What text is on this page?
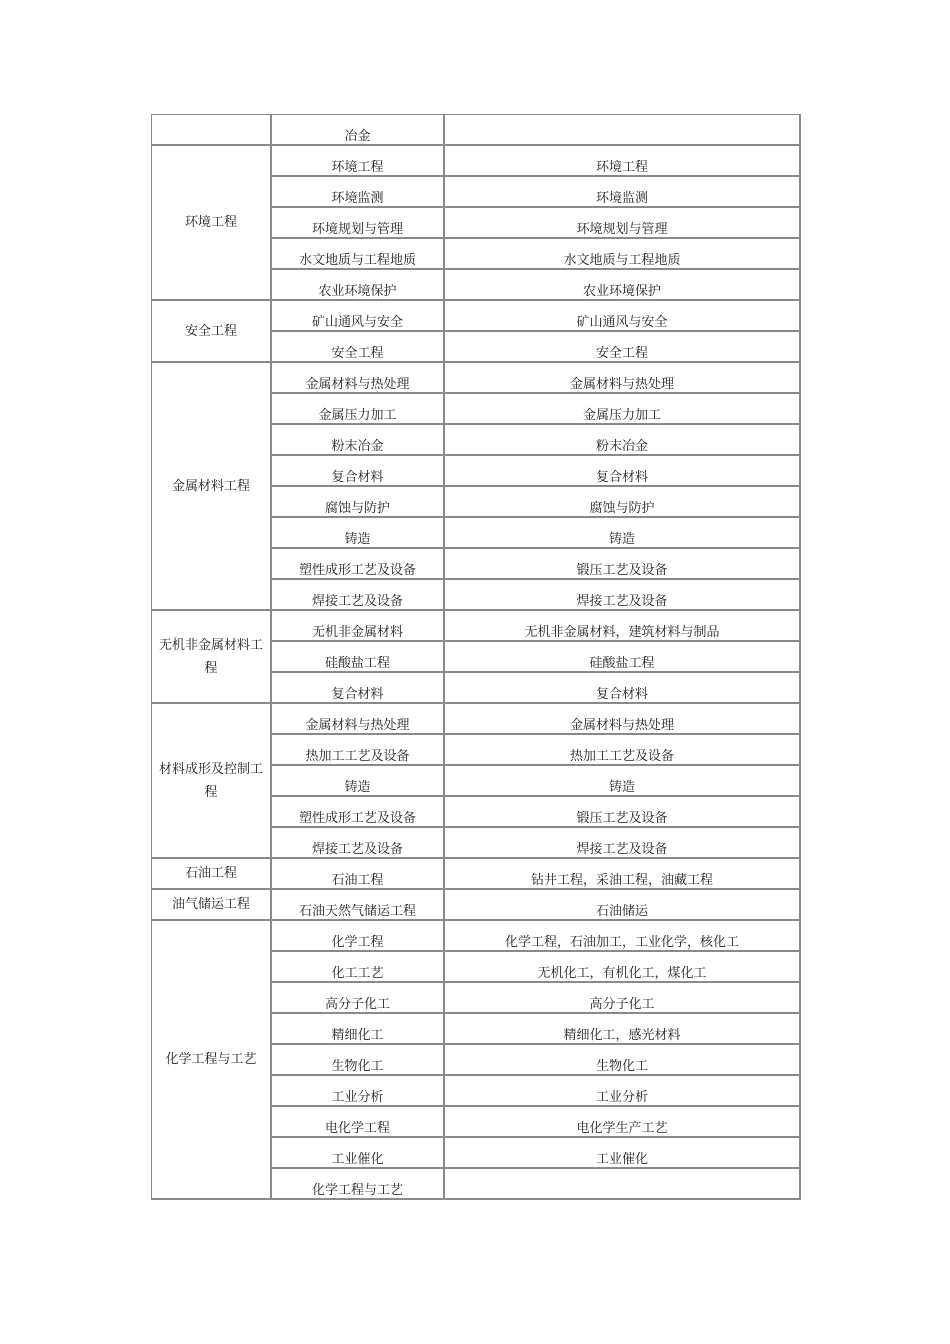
	冶金	

环境工程	环境工程	环境工程

	环境监测	环境监测

	环境规划与管理	环境规划与管理

	水文地质与工程地质	水文地质与工程地质

	农业环境保护	农业环境保护

安全工程	矿山通风与安全	矿山通风与安全

	安全工程	安全工程

金属材料工程	金属材料与热处理	金属材料与热处理

	金属压力加工	金属压力加工

	粉末冶金	粉末冶金

	复合材料	复合材料

	腐蚀与防护	腐蚀与防护

	铸造	铸造

	塑性成形工艺及设备	锻压工艺及设备

	焊接工艺及设备	焊接工艺及设备

无机非金属材料工程	无机非金属材料	无机非金属材料，建筑材料与制品

	硅酸盐工程	硅酸盐工程

	复合材料	复合材料

材料成形及控制工程	金属材料与热处理	金属材料与热处理

	热加工工艺及设备	热加工工艺及设备

	铸造	铸造

	塑性成形工艺及设备	锻压工艺及设备

	焊接工艺及设备	焊接工艺及设备

石油工程	石油工程	钻井工程，采油工程，油藏工程

油气储运工程	石油天然气储运工程	石油储运

化学工程与工艺	化学工程	化学工程，石油加工，工业化学，核化工

	化工工艺	无机化工，有机化工，煤化工

	高分子化工	高分子化工

	精细化工	精细化工，感光材料

	生物化工	生物化工

	工业分析	工业分析

	电化学工程	电化学生产工艺

	工业催化	工业催化

	化学工程与工艺	
